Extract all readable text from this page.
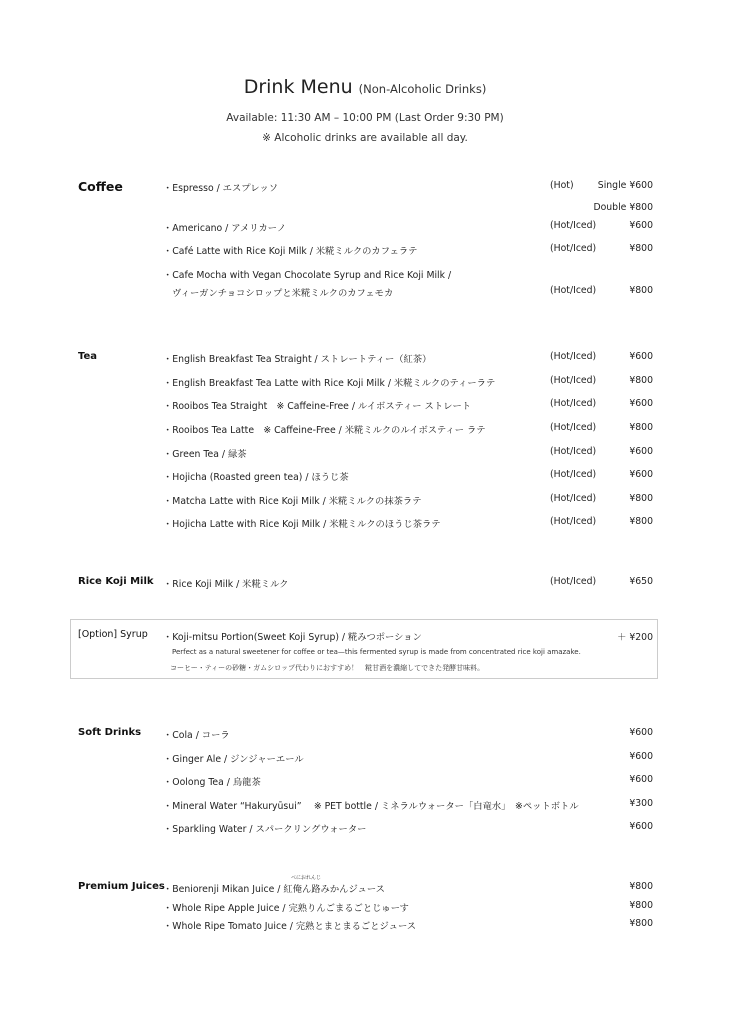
Drink Menu (Non-Alcoholic Drinks)
Available: 11:30 AM – 10:00 PM (Last Order 9:30 PM)
※ Alcoholic drinks are available all day.
Coffee	・Espresso / エスプレッソ	(Hot)	Single ¥600
Double ¥800
・Americano / アメリカーノ	(Hot/Iced)	¥600
・Café Latte with Rice Koji Milk / 米糀ミルクのカフェラテ	(Hot/Iced)	¥800
・Cafe Mocha with Vegan Chocolate Syrup and Rice Koji Milk /
ヴィーガンチョコシロップと米糀ミルクのカフェモカ	(Hot/Iced)	¥800
Tea	・English Breakfast Tea Straight / ストレートティー（紅茶）	(Hot/Iced)	¥600
・English Breakfast Tea Latte with Rice Koji Milk / 米糀ミルクのティーラテ	(Hot/Iced)	¥800
・Rooibos Tea Straight　※ Caffeine-Free / ルイボスティー ストレート	(Hot/Iced)	¥600
・Rooibos Tea Latte　※ Caffeine-Free / 米糀ミルクのルイボスティー ラテ	(Hot/Iced)	¥800
・Green Tea / 緑茶	(Hot/Iced)	¥600
・Hojicha (Roasted green tea) / ほうじ茶	(Hot/Iced)	¥600
・Matcha Latte with Rice Koji Milk / 米糀ミルクの抹茶ラテ	(Hot/Iced)	¥800
・Hojicha Latte with Rice Koji Milk / 米糀ミルクのほうじ茶ラテ	(Hot/Iced)	¥800
Rice Koji Milk ・Rice Koji Milk / 米糀ミルク	(Hot/Iced)	¥650
[Option] Syrup ・Koji-mitsu Portion(Sweet Koji Syrup) / 糀みつポーション	＋ ¥200
Perfect as a natural sweetener for coffee or tea—this fermented syrup is made from concentrated rice koji amazake.
コーヒー・ティーの砂糖・ガムシロップ代わりにおすすめ！　糀甘酒を濃縮してできた発酵甘味料。
Soft Drinks ・Cola / コーラ	¥600
・Ginger Ale / ジンジャーエール	¥600
・Oolong Tea / 烏龍茶	¥600
・Mineral Water “Hakuryūsui”　 ※ PET bottle / ミネラルウォーター「白竜水」　※ペットボトル	¥300
・Sparkling Water / スパークリングウォーター	¥600
Premium Juices
べにおれんじ
・Beniorenji Mikan Juice / 紅俺ん路みかんジュース	¥800
・Whole Ripe Apple Juice / 完熟りんごまるごとじゅーす	¥800
・Whole Ripe Tomato Juice / 完熟とまとまるごとジュース	¥800
